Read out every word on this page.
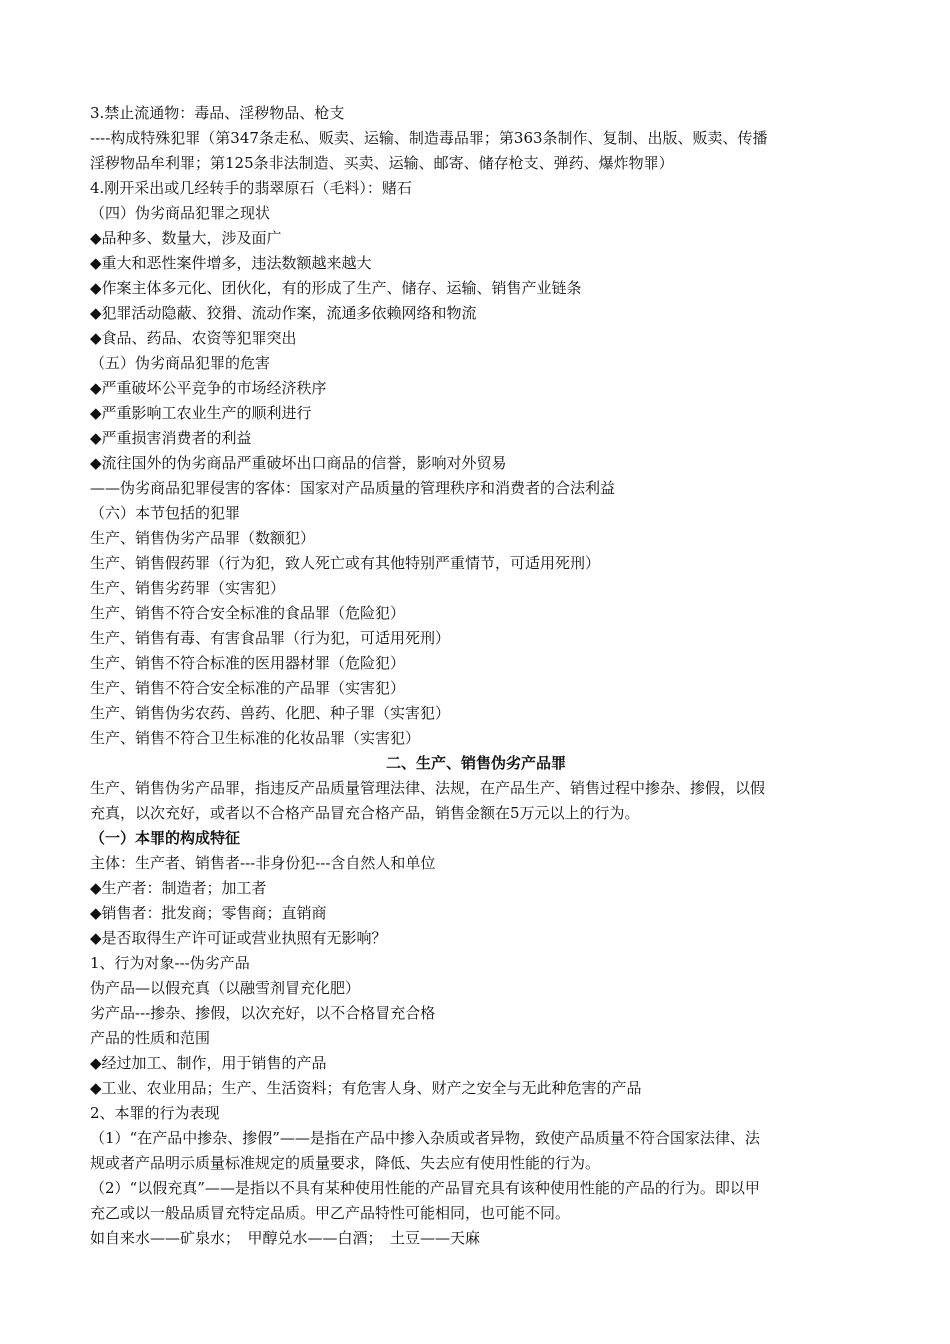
3.禁止流通物：毒品、淫秽物品、枪支
----构成特殊犯罪（第347条走私、贩卖、运输、制造毒品罪；第363条制作、复制、出版、贩卖、传播
淫秽物品牟利罪；第125条非法制造、买卖、运输、邮寄、储存枪支、弹药、爆炸物罪）
4.刚开采出或几经转手的翡翠原石（毛料）：赌石
（四）伪劣商品犯罪之现状
◆品种多、数量大，涉及面广
◆重大和恶性案件增多，违法数额越来越大
◆作案主体多元化、团伙化，有的形成了生产、储存、运输、销售产业链条
◆犯罪活动隐蔽、狡猾、流动作案，流通多依赖网络和物流
◆食品、药品、农资等犯罪突出
（五）伪劣商品犯罪的危害
◆严重破坏公平竞争的市场经济秩序
◆严重影响工农业生产的顺利进行
◆严重损害消费者的利益
◆流往国外的伪劣商品严重破坏出口商品的信誉，影响对外贸易
——伪劣商品犯罪侵害的客体：国家对产品质量的管理秩序和消费者的合法利益
（六）本节包括的犯罪
生产、销售伪劣产品罪（数额犯）
生产、销售假药罪（行为犯，致人死亡或有其他特别严重情节，可适用死刑）
生产、销售劣药罪（实害犯）
生产、销售不符合安全标准的食品罪（危险犯）
生产、销售有毒、有害食品罪（行为犯，可适用死刑）
生产、销售不符合标准的医用器材罪（危险犯）
生产、销售不符合安全标准的产品罪（实害犯）
生产、销售伪劣农药、兽药、化肥、种子罪（实害犯）
生产、销售不符合卫生标准的化妆品罪（实害犯）
二、生产、销售伪劣产品罪
生产、销售伪劣产品罪，指违反产品质量管理法律、法规，在产品生产、销售过程中掺杂、掺假，以假
充真，以次充好，或者以不合格产品冒充合格产品，销售金额在5万元以上的行为。
（一）本罪的构成特征
主体：生产者、销售者---非身份犯---含自然人和单位
◆生产者：制造者；加工者
◆销售者：批发商；零售商；直销商
◆是否取得生产许可证或营业执照有无影响？
1、行为对象---伪劣产品
伪产品—以假充真（以融雪剂冒充化肥）
劣产品---掺杂、掺假，以次充好，以不合格冒充合格
产品的性质和范围
◆经过加工、制作，用于销售的产品
◆工业、农业用品；生产、生活资料；有危害人身、财产之安全与无此种危害的产品
2、本罪的行为表现
（1）“在产品中掺杂、掺假”——是指在产品中掺入杂质或者异物，致使产品质量不符合国家法律、法
规或者产品明示质量标准规定的质量要求，降低、失去应有使用性能的行为。
（2）“以假充真”——是指以不具有某种使用性能的产品冒充具有该种使用性能的产品的行为。即以甲
充乙或以一般品质冒充特定品质。甲乙产品特性可能相同，也可能不同。
如自来水——矿泉水；　甲醇兑水——白酒；　土豆——天麻
